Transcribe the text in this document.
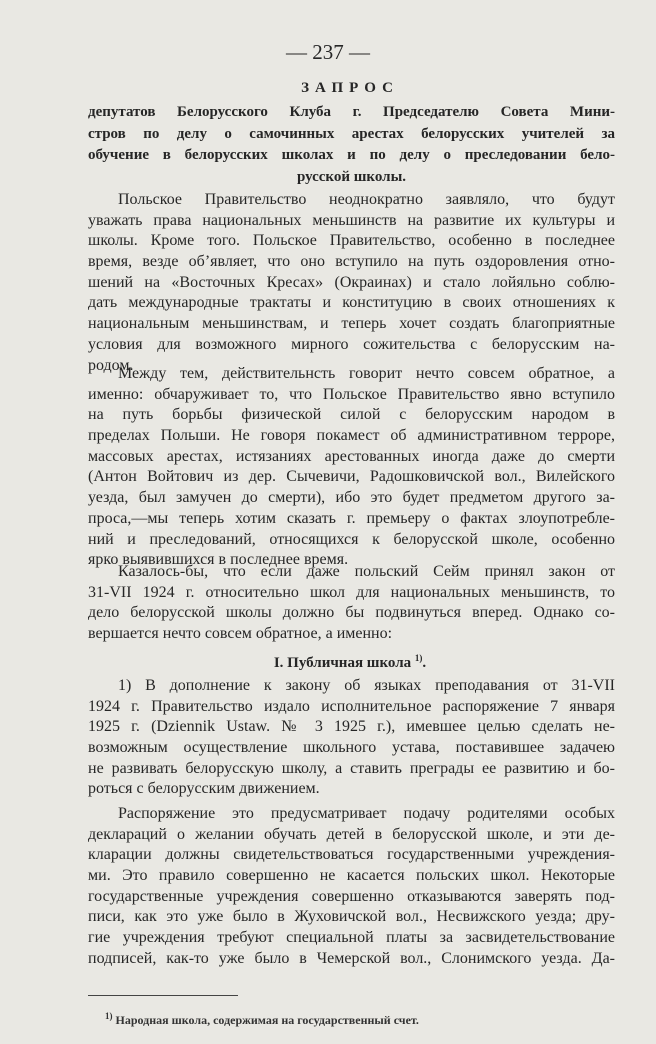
— 237 —
ЗАПРОС
депутатов Белорусского Клуба г. Председателю Совета Мини-
стров по делу о самочинных арестах белорусских учителей за
обучение в белорусских школах и по делу о преследовании бело-
русской школы.
Польское Правительство неоднократно заявляло, что будут
уважать права национальных меньшинств на развитие их культуры и
школы. Кроме того. Польское Правительство, особенно в последнее
время, везде об’являет, что оно вступило на путь оздоровления отно-
шений на «Восточных Кресах» (Окраинах) и стало лойяльно соблю-
дать международные трактаты и конституцию в своих отношениях к
национальным меньшинствам, и теперь хочет создать благоприятные
условия для возможного мирного сожительства с белорусским на-
родом.
Между тем, действительнсть говорит нечто совсем обратное, а
именно: обчаруживает то, что Польское Правительство явно вступило
на путь борьбы физической силой с белорусским народом в
пределах Польши. Не говоря покамест об административном терроре,
массовых арестах, истязаниях арестованных иногда даже до смерти
(Антон Войтович из дер. Сычевичи, Радошковичской вол., Вилейского
уезда, был замучен до смерти), ибо это будет предметом другого за-
проса,—мы теперь хотим сказать г. премьеру о фактах злоупотребле-
ний и преследований, относящихся к белорусской школе, особенно
ярко выявившихся в последнее время.
Казалось-бы, что если даже польский Сейм принял закон от
31-VII 1924 г. относительно школ для национальных меньшинств, то
дело белорусской школы должно бы подвинуться вперед. Однако со-
вершается нечто совсем обратное, а именно:
I. Публичная школа $^{1)}$.
1) В дополнение к закону об языках преподавания от 31-VII
1924 г. Правительство издало исполнительное распоряжение 7 января
1925 г. (Dziennik Ustaw. № 3 1925 г.), имевшее целью сделать не-
возможным осуществление школьного устава, поставившее задачею
не развивать белорусскую школу, а ставить преграды ее развитию и бо-
роться с белорусским движением.
Распоряжение это предусматривает подачу родителями особых
деклараций о желании обучать детей в белорусской школе, и эти де-
кларации должны свидетельствоваться государственными учреждения-
ми. Это правило совершенно не касается польских школ. Некоторые
государственные учреждения совершенно отказываются заверять под-
писи, как это уже было в Жуховичской вол., Несвижского уезда; дру-
гие учреждения требуют специальной платы за засвидетельствование
подписей, как-то уже было в Чемерской вол., Слонимского уезда. Да-
$^{1)}$ Народная школа, содержимая на государственный счет.
